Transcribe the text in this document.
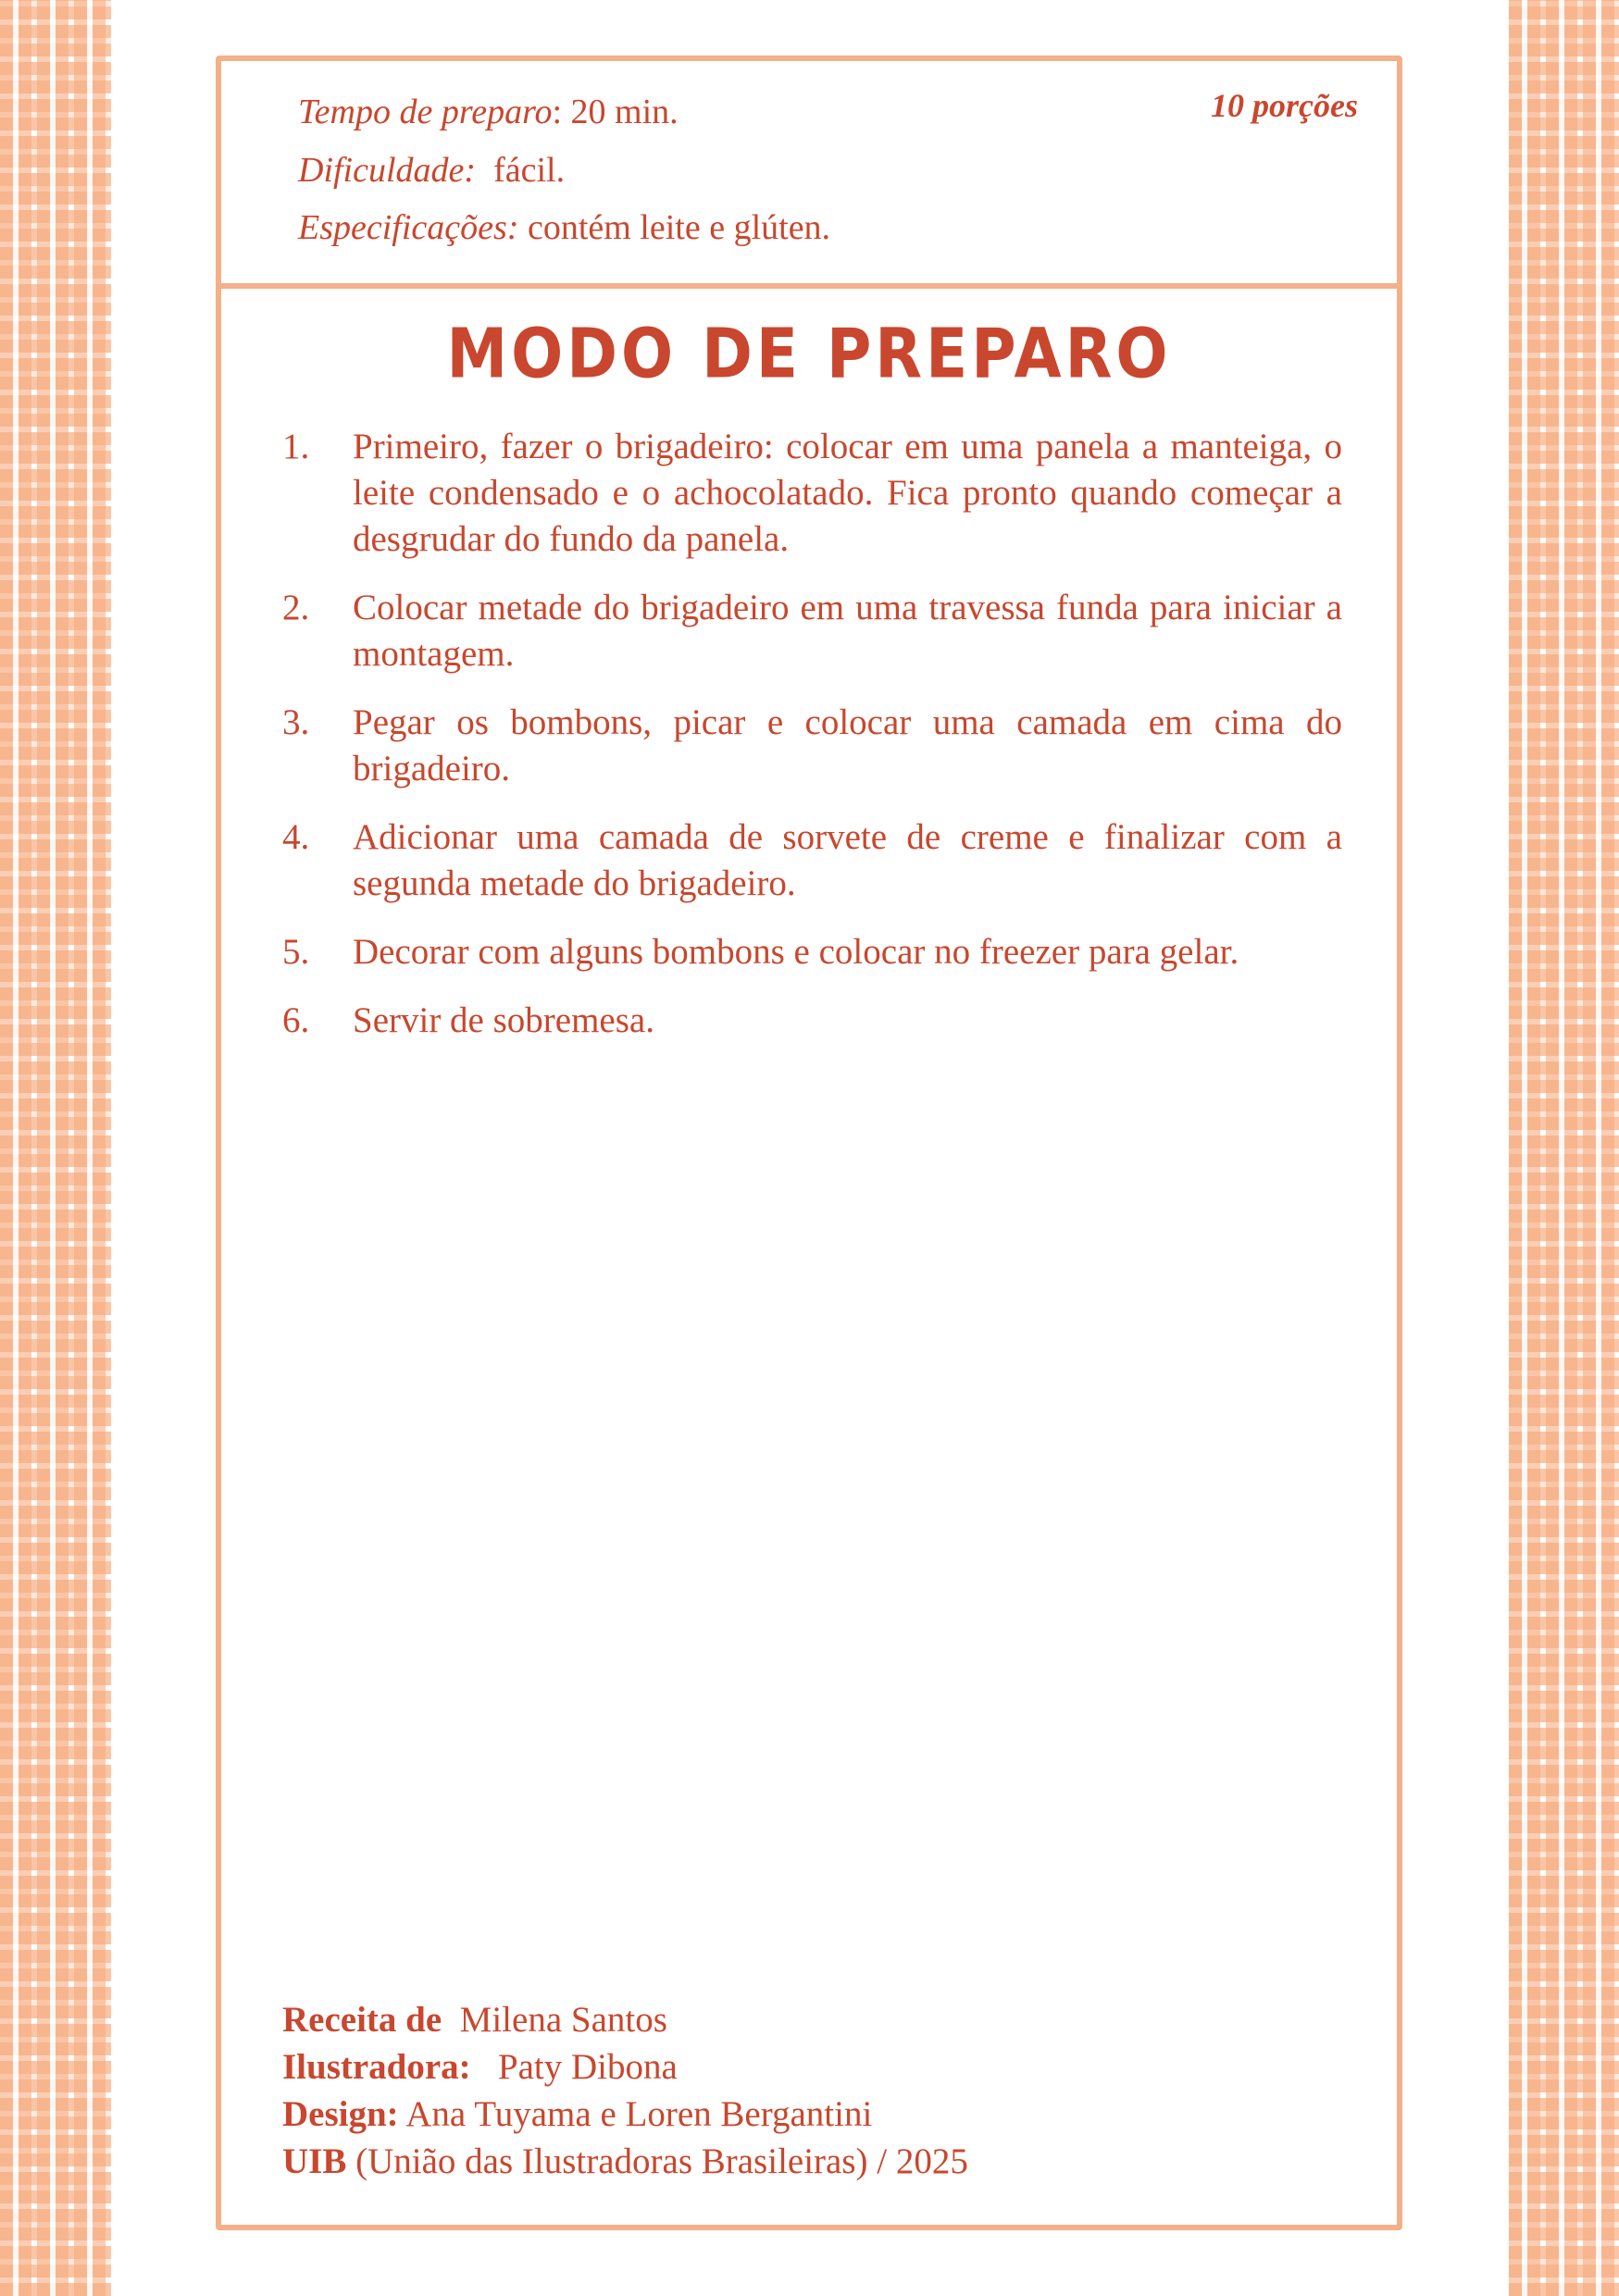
Tempo de preparo: 20 min.
Dificuldade: fácil.
Especificações: contém leite e glúten.
10 porções
MODO DE PREPARO
1. Primeiro, fazer o brigadeiro: colocar em uma panela a manteiga, o leite condensado e o achocolatado. Fica pronto quando começar a desgrudar do fundo da panela.
2. Colocar metade do brigadeiro em uma travessa funda para iniciar a montagem.
3. Pegar os bombons, picar e colocar uma camada em cima do brigadeiro.
4. Adicionar uma camada de sorvete de creme e finalizar com a segunda metade do brigadeiro.
5. Decorar com alguns bombons e colocar no freezer para gelar.
6. Servir de sobremesa.
Receita de Milena Santos
Ilustradora: Paty Dibona
Design: Ana Tuyama e Loren Bergantini
UIB (União das Ilustradoras Brasileiras) / 2025
